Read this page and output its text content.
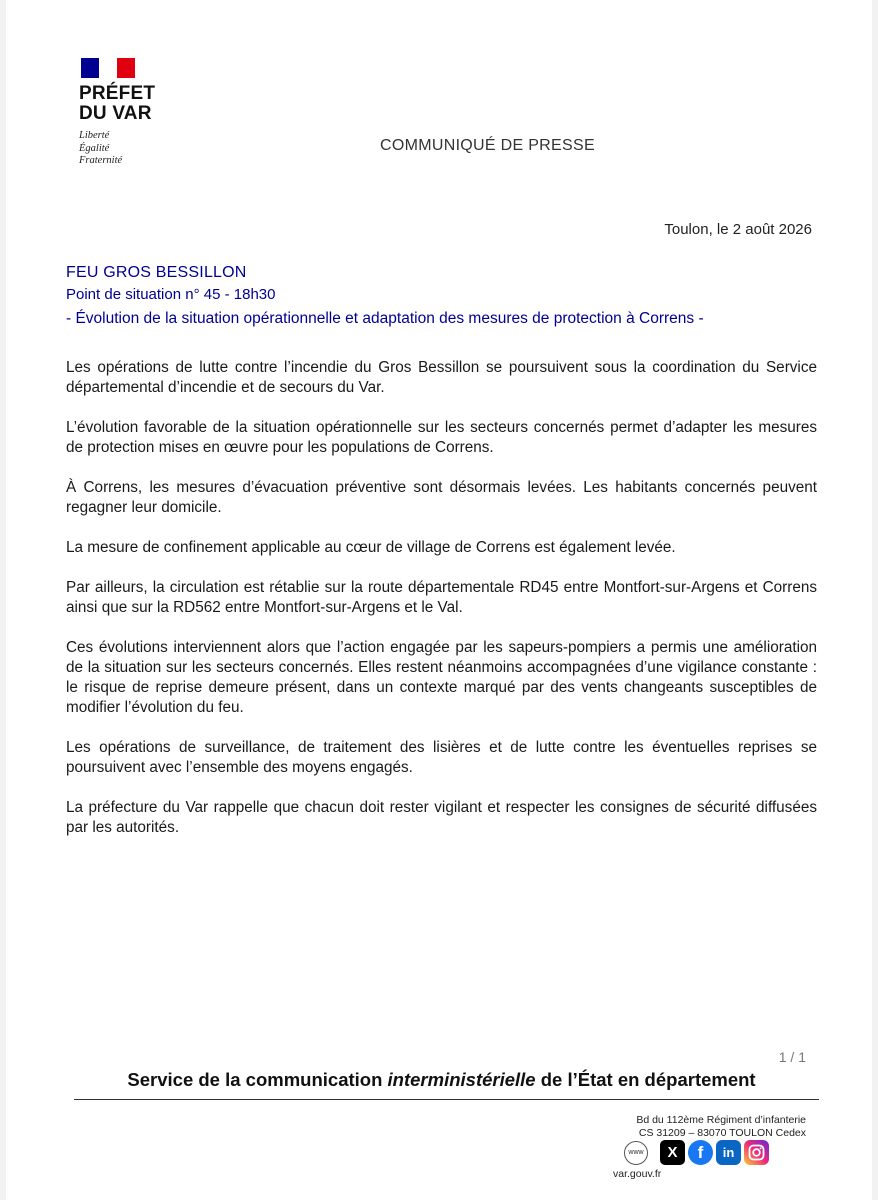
PRÉFET
DU VAR
Liberté
Égalité
Fraternité
COMMUNIQUÉ DE PRESSE
Toulon, le 2 août 2026
FEU GROS BESSILLON
Point de situation n° 45 - 18h30
- Évolution de la situation opérationnelle et adaptation des mesures de protection à Correns -

Les opérations de lutte contre l’incendie du Gros Bessillon se poursuivent sous la coordination du Service départemental d’incendie et de secours du Var.

L’évolution favorable de la situation opérationnelle sur les secteurs concernés permet d’adapter les mesures de protection mises en œuvre pour les populations de Correns.

À Correns, les mesures d’évacuation préventive sont désormais levées. Les habitants concernés peuvent regagner leur domicile.

La mesure de confinement applicable au cœur de village de Correns est également levée.

Par ailleurs, la circulation est rétablie sur la route départementale RD45 entre Montfort-sur-Argens et Correns ainsi que sur la RD562 entre Montfort-sur-Argens et le Val.

Ces évolutions interviennent alors que l’action engagée par les sapeurs-pompiers a permis une amélioration de la situation sur les secteurs concernés. Elles restent néanmoins accompagnées d’une vigilance constante : le risque de reprise demeure présent, dans un contexte marqué par des vents changeants susceptibles de modifier l’évolution du feu.

Les opérations de surveillance, de traitement des lisières et de lutte contre les éventuelles reprises se poursuivent avec l’ensemble des moyens engagés.

La préfecture du Var rappelle que chacun doit rester vigilant et respecter les consignes de sécurité diffusées par les autorités.

1 / 1
Service de la communication interministérielle de l’État en département
Bd du 112ème Régiment d’infanterie
CS 31209 – 83070 TOULON Cedex
www	X	f	in
var.gouv.fr
